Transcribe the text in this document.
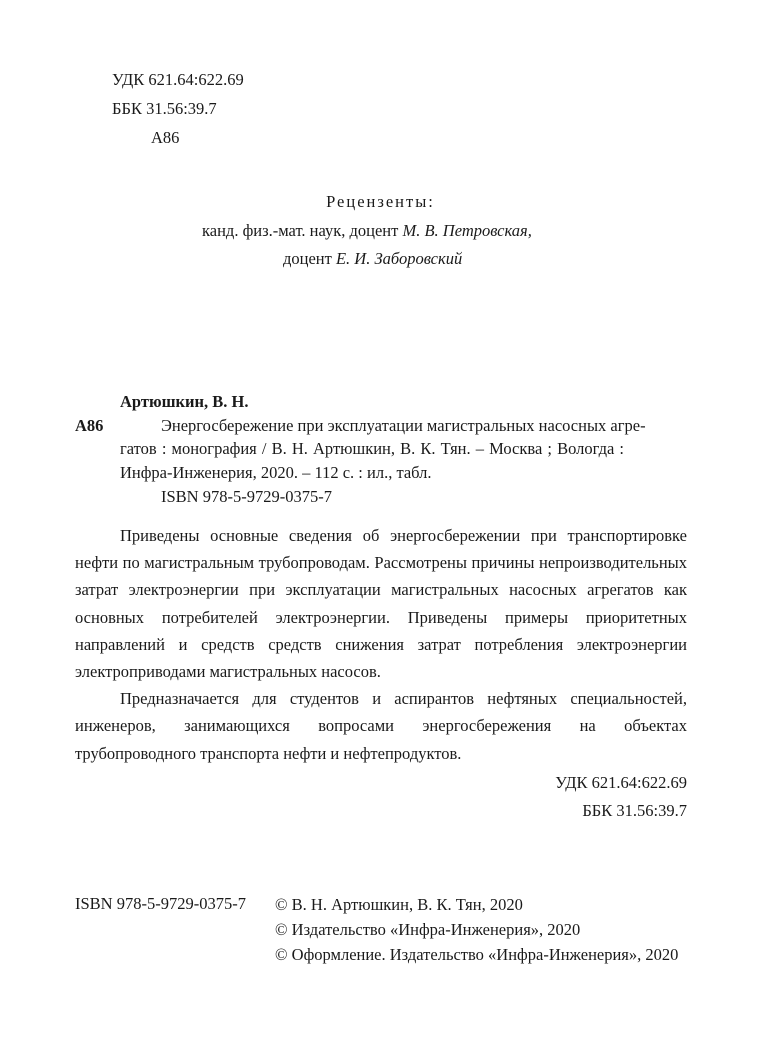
УДК 621.64:622.69
ББК 31.56:39.7
А86
Рецензенты:
канд. физ.-мат. наук, доцент М. В. Петровская,
доцент Е. И. Заборовский
Артюшкин, В. Н.
А86	Энергосбережение при эксплуатации магистральных насосных агре-
гатов : монография / В. Н. Артюшкин, В. К. Тян. – Москва ; Вологда :
Инфра-Инженерия, 2020. – 112 с. : ил., табл.
ISBN 978-5-9729-0375-7

Приведены основные сведения об энергосбережении при транспортировке нефти по магистральным трубопроводам. Рассмотрены причины непроизводительных затрат электроэнергии при эксплуатации магистральных насосных агрегатов как основных потребителей электроэнергии. Приведены примеры приоритетных направлений и средств средств снижения затрат потребления электроэнергии электроприводами магистральных насосов.

Предназначается для студентов и аспирантов нефтяных специальностей, инженеров, занимающихся вопросами энергосбережения на объектах трубопроводного транспорта нефти и нефтепродуктов.

УДК 621.64:622.69
ББК 31.56:39.7
ISBN 978-5-9729-0375-7 © В. Н. Артюшкин, В. К. Тян, 2020
© Издательство «Инфра-Инженерия», 2020
© Оформление. Издательство «Инфра-Инженерия», 2020
